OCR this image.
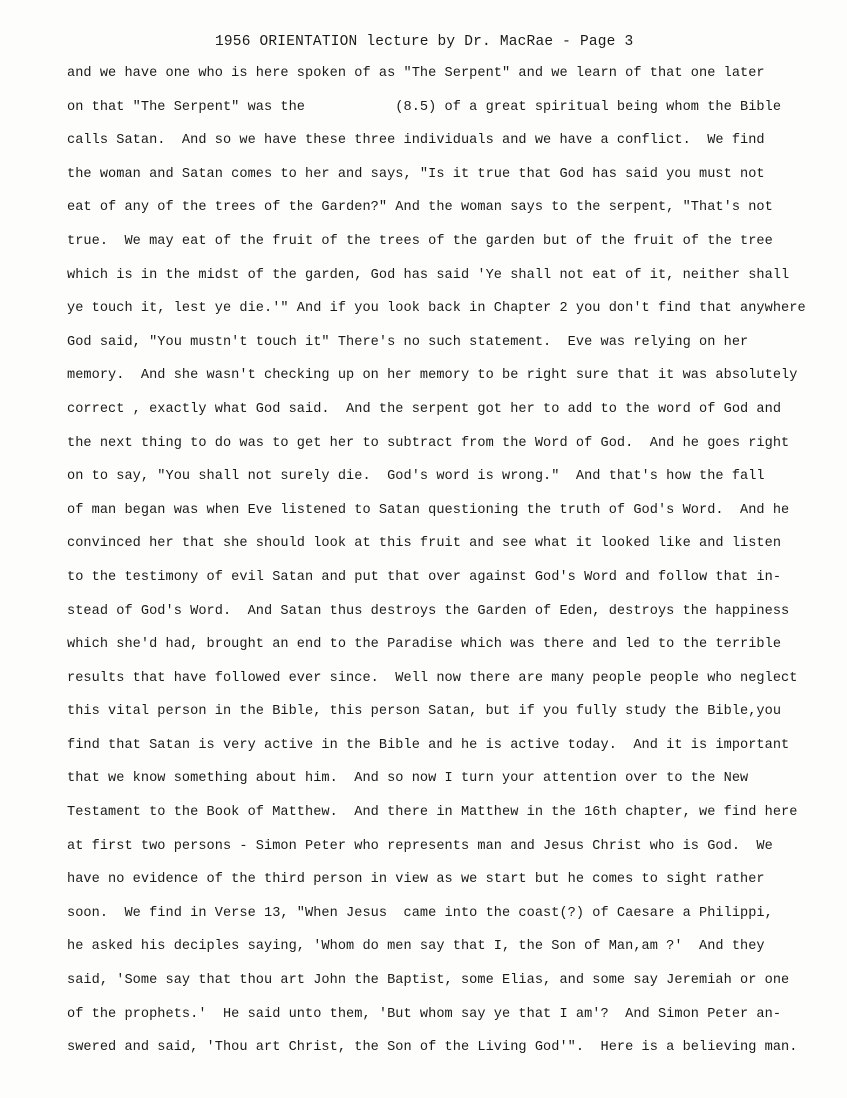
1956 ORIENTATION lecture by Dr. MacRae - Page 3
and we have one who is here spoken of as "The Serpent" and we learn of that one later
on that "The Serpent" was the           (8.5) of a great spiritual being whom the Bible
calls Satan.  And so we have these three individuals and we have a conflict.  We find
the woman and Satan comes to her and says, "Is it true that God has said you must not
eat of any of the trees of the Garden?" And the woman says to the serpent, "That's not
true.  We may eat of the fruit of the trees of the garden but of the fruit of the tree
which is in the midst of the garden, God has said 'Ye shall not eat of it, neither shall
ye touch it, lest ye die.'" And if you look back in Chapter 2 you don't find that anywhere
God said, "You mustn't touch it" There's no such statement.  Eve was relying on her
memory.  And she wasn't checking up on her memory to be right sure that it was absolutely
correct , exactly what God said.  And the serpent got her to add to the word of God and
the next thing to do was to get her to subtract from the Word of God.  And he goes right
on to say, "You shall not surely die.  God's word is wrong."  And that's how the fall
of man began was when Eve listened to Satan questioning the truth of God's Word.  And he
convinced her that she should look at this fruit and see what it looked like and listen
to the testimony of evil Satan and put that over against God's Word and follow that in-
stead of God's Word.  And Satan thus destroys the Garden of Eden, destroys the happiness
which she'd had, brought an end to the Paradise which was there and led to the terrible
results that have followed ever since.  Well now there are many people people who neglect
this vital person in the Bible, this person Satan, but if you fully study the Bible,you
find that Satan is very active in the Bible and he is active today.  And it is important
that we know something about him.  And so now I turn your attention over to the New
Testament to the Book of Matthew.  And there in Matthew in the 16th chapter, we find here
at first two persons - Simon Peter who represents man and Jesus Christ who is God.  We
have no evidence of the third person in view as we start but he comes to sight rather
soon.  We find in Verse 13, "When Jesus  came into the coast(?) of Caesare a Philippi,
he asked his deciples saying, 'Whom do men say that I, the Son of Man,am ?'  And they
said, 'Some say that thou art John the Baptist, some Elias, and some say Jeremiah or one
of the prophets.'  He said unto them, 'But whom say ye that I am'?  And Simon Peter an-
swered and said, 'Thou art Christ, the Son of the Living God'".  Here is a believing man.
